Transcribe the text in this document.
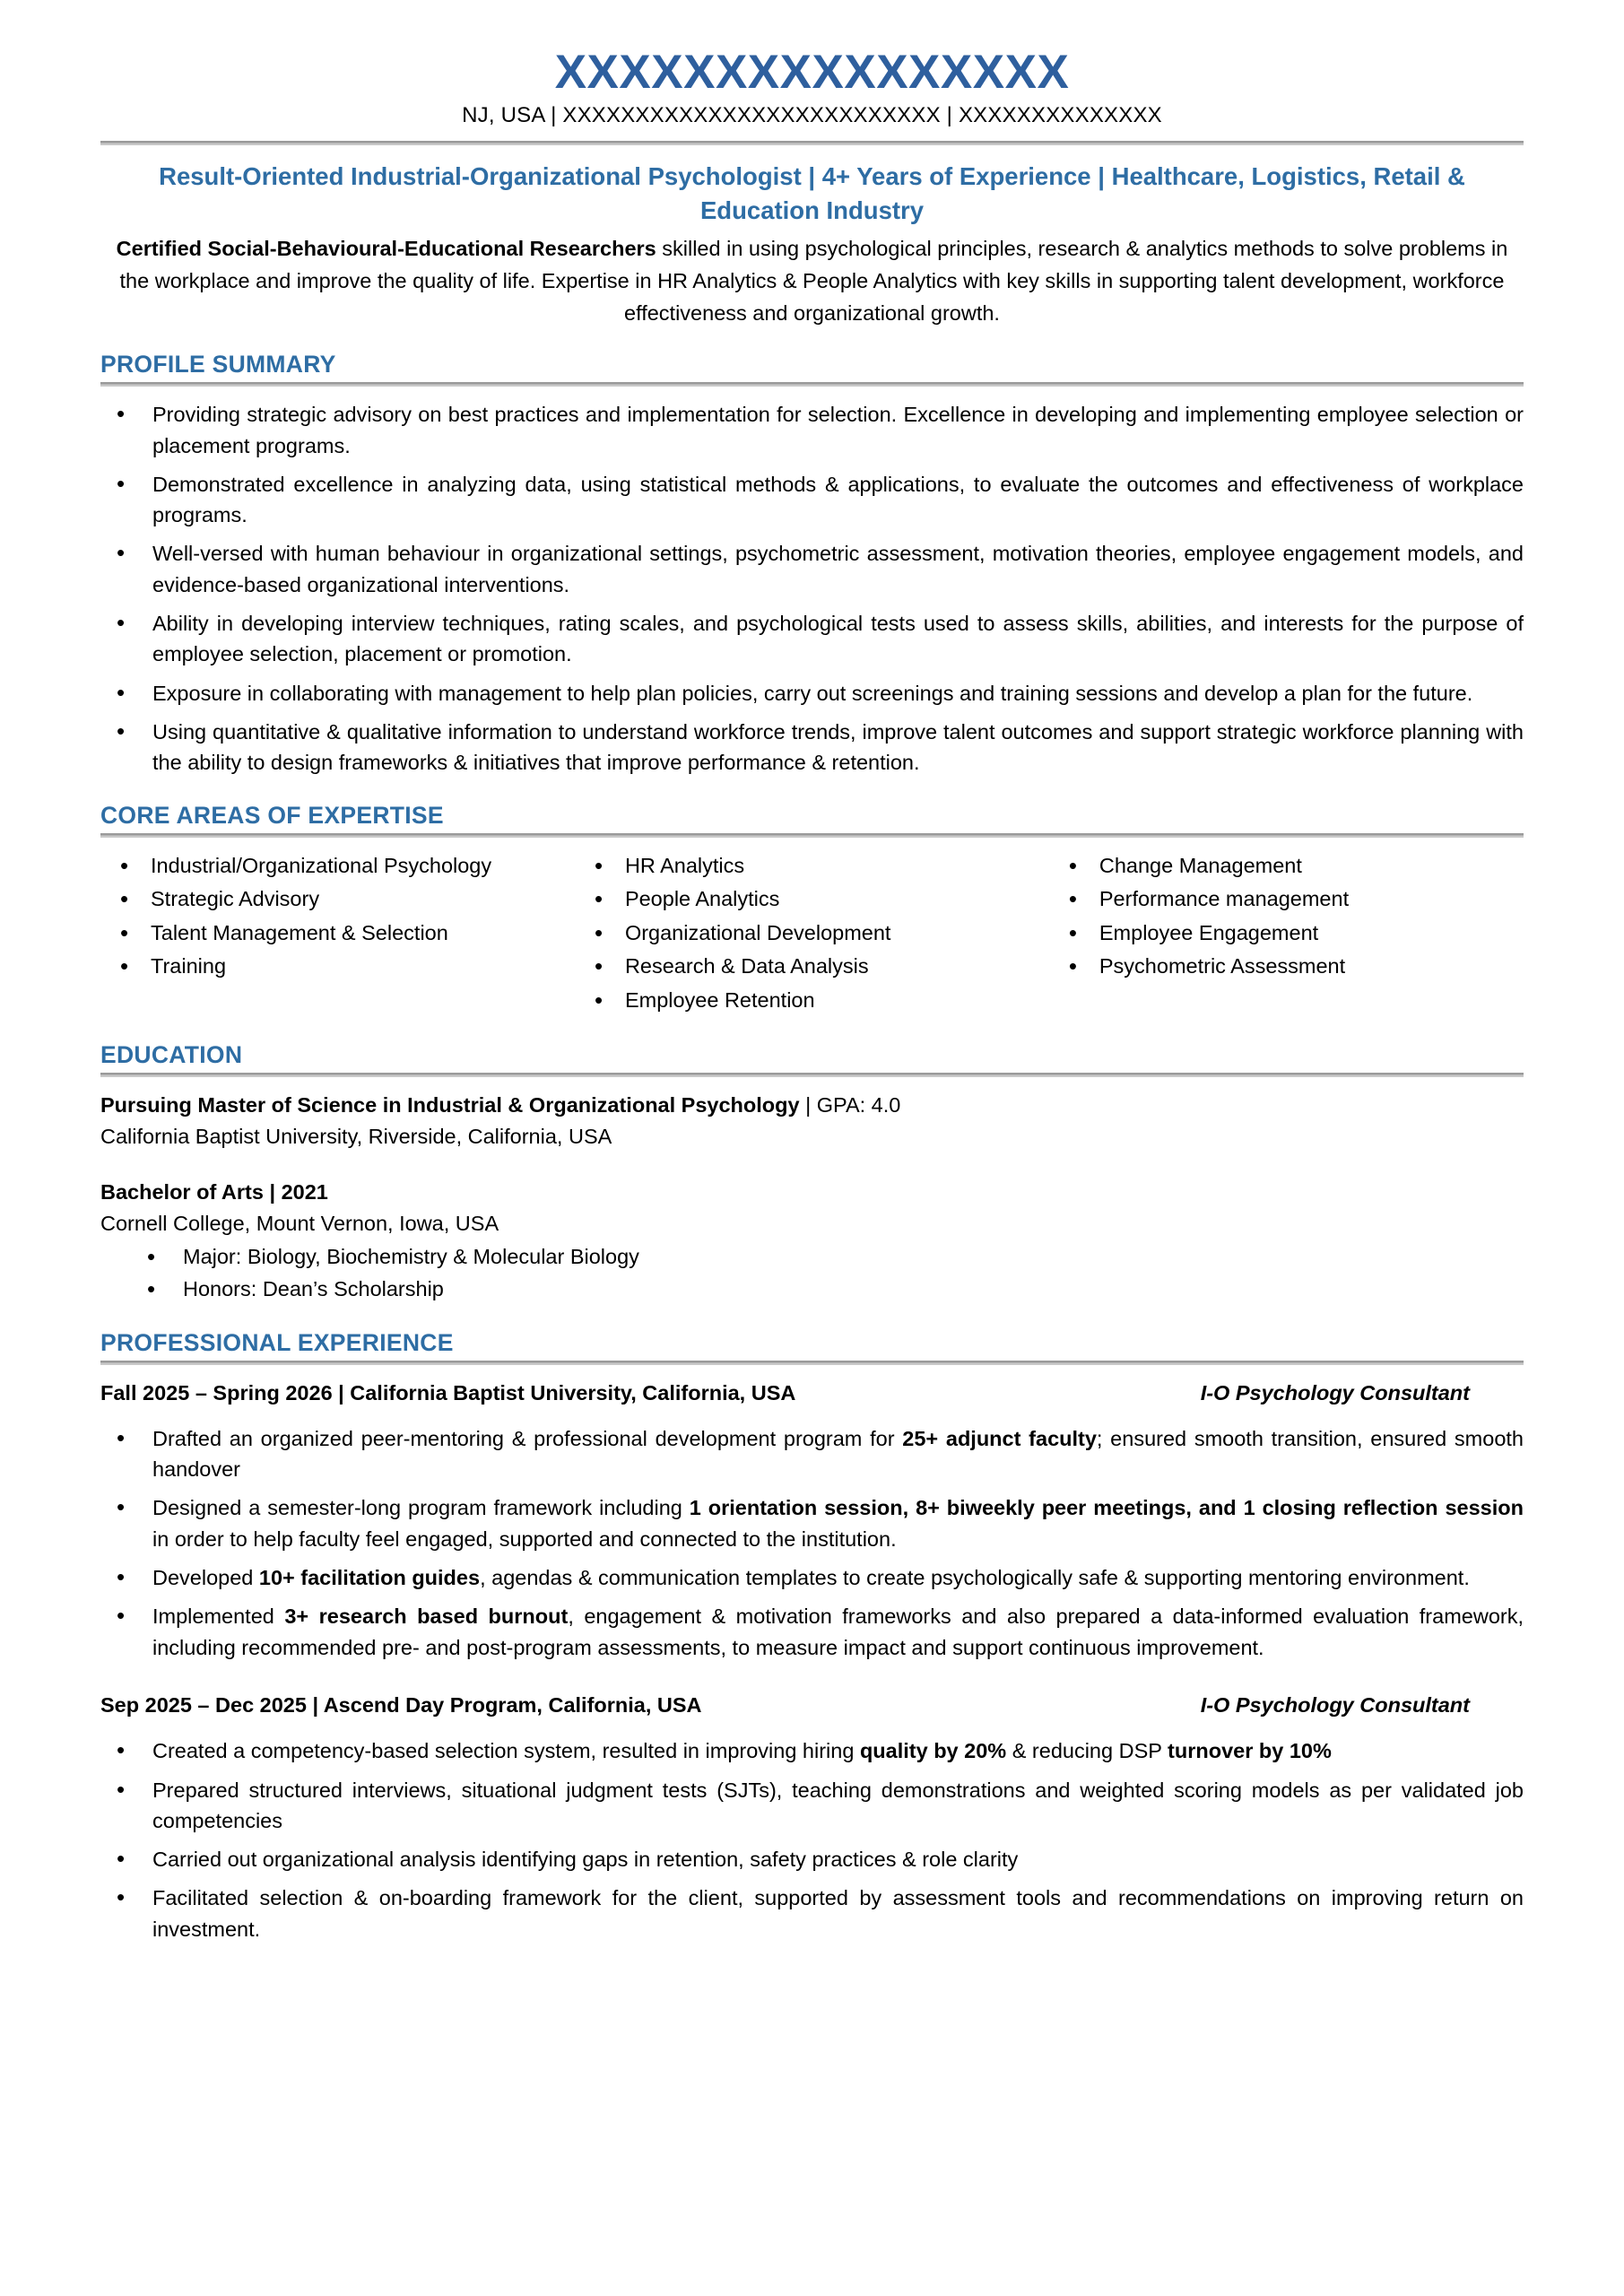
XXXXXXXXXXXXXXXX
NJ, USA | XXXXXXXXXXXXXXXXXXXXXXXXXX | XXXXXXXXXXXXXX
Result-Oriented Industrial-Organizational Psychologist | 4+ Years of Experience | Healthcare, Logistics, Retail & Education Industry
Certified Social-Behavioural-Educational Researchers skilled in using psychological principles, research & analytics methods to solve problems in the workplace and improve the quality of life. Expertise in HR Analytics & People Analytics with key skills in supporting talent development, workforce effectiveness and organizational growth.
PROFILE SUMMARY
• Providing strategic advisory on best practices and implementation for selection. Excellence in developing and implementing employee selection or placement programs.
• Demonstrated excellence in analyzing data, using statistical methods & applications, to evaluate the outcomes and effectiveness of workplace programs.
• Well-versed with human behaviour in organizational settings, psychometric assessment, motivation theories, employee engagement models, and evidence-based organizational interventions.
• Ability in developing interview techniques, rating scales, and psychological tests used to assess skills, abilities, and interests for the purpose of employee selection, placement or promotion.
• Exposure in collaborating with management to help plan policies, carry out screenings and training sessions and develop a plan for the future.
• Using quantitative & qualitative information to understand workforce trends, improve talent outcomes and support strategic workforce planning with the ability to design frameworks & initiatives that improve performance & retention.
CORE AREAS OF EXPERTISE
• Industrial/Organizational Psychology
• Strategic Advisory
• Talent Management & Selection
• Training
• HR Analytics
• People Analytics
• Organizational Development
• Research & Data Analysis
• Employee Retention
• Change Management
• Performance management
• Employee Engagement
• Psychometric Assessment
EDUCATION
Pursuing Master of Science in Industrial & Organizational Psychology | GPA: 4.0
California Baptist University, Riverside, California, USA
Bachelor of Arts | 2021
Cornell College, Mount Vernon, Iowa, USA
• Major: Biology, Biochemistry & Molecular Biology
• Honors: Dean’s Scholarship
PROFESSIONAL EXPERIENCE
Fall 2025 – Spring 2026 | California Baptist University, California, USA	I-O Psychology Consultant
• Drafted an organized peer-mentoring & professional development program for 25+ adjunct faculty; ensured smooth transition, ensured smooth handover
• Designed a semester-long program framework including 1 orientation session, 8+ biweekly peer meetings, and 1 closing reflection session in order to help faculty feel engaged, supported and connected to the institution.
• Developed 10+ facilitation guides, agendas & communication templates to create psychologically safe & supporting mentoring environment.
• Implemented 3+ research based burnout, engagement & motivation frameworks and also prepared a data-informed evaluation framework, including recommended pre- and post-program assessments, to measure impact and support continuous improvement.
Sep 2025 – Dec 2025 | Ascend Day Program, California, USA	I-O Psychology Consultant
• Created a competency-based selection system, resulted in improving hiring quality by 20% & reducing DSP turnover by 10%
• Prepared structured interviews, situational judgment tests (SJTs), teaching demonstrations and weighted scoring models as per validated job competencies
• Carried out organizational analysis identifying gaps in retention, safety practices & role clarity
• Facilitated selection & on-boarding framework for the client, supported by assessment tools and recommendations on improving return on investment.
